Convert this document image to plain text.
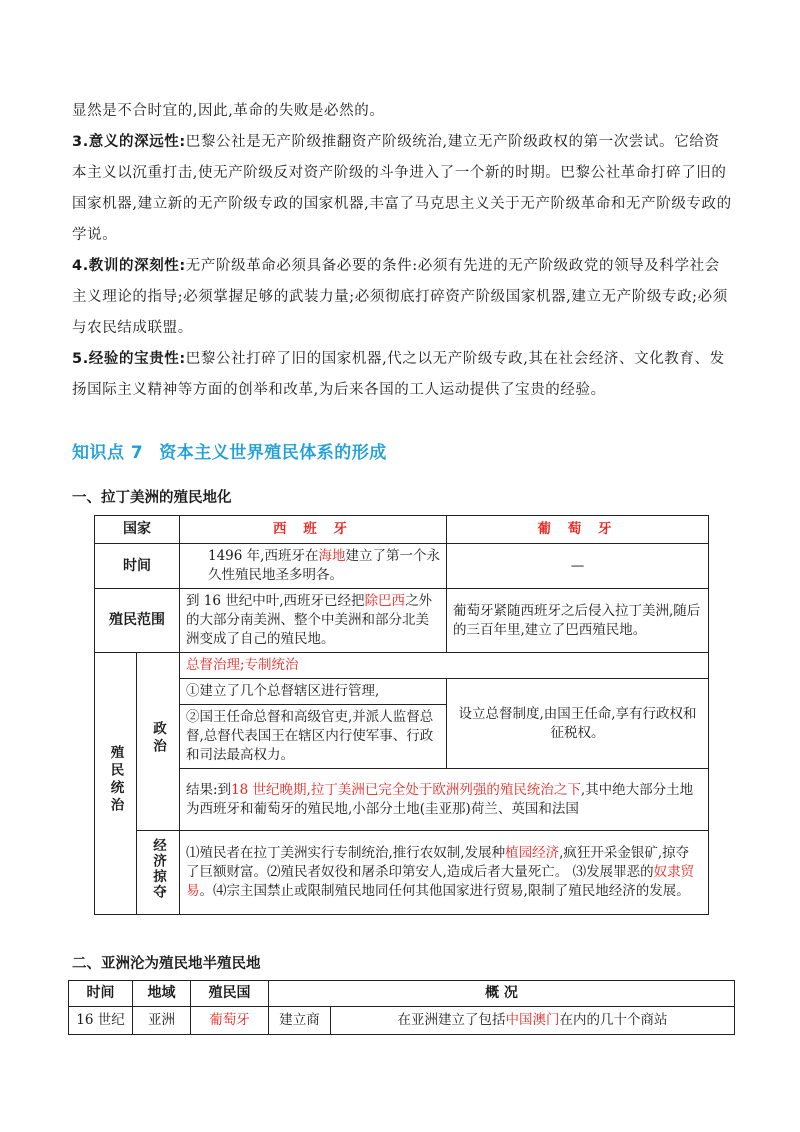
显然是不合时宜的,因此,革命的失败是必然的。
3.意义的深远性:巴黎公社是无产阶级推翻资产阶级统治,建立无产阶级政权的第一次尝试。它给资本主义以沉重打击,使无产阶级反对资产阶级的斗争进入了一个新的时期。巴黎公社革命打碎了旧的国家机器,建立新的无产阶级专政的国家机器,丰富了马克思主义关于无产阶级革命和无产阶级专政的学说。
4.教训的深刻性:无产阶级革命必须具备必要的条件:必须有先进的无产阶级政党的领导及科学社会主义理论的指导;必须掌握足够的武装力量;必须彻底打碎资产阶级国家机器,建立无产阶级专政;必须与农民结成联盟。
5.经验的宝贵性:巴黎公社打碎了旧的国家机器,代之以无产阶级专政,其在社会经济、文化教育、发扬国际主义精神等方面的创举和改革,为后来各国的工人运动提供了宝贵的经验。
知识点 7 资本主义世界殖民体系的形成
一、拉丁美洲的殖民地化
国家		西 班 牙	葡 萄 牙
时间		1496 年,西班牙在海地建立了第一个永久性殖民地圣多明各。	—
殖民范围		到 16 世纪中叶,西班牙已经把除巴西之外的大部分南美洲、整个中美洲和部分北美洲变成了自己的殖民地。	葡萄牙紧随西班牙之后侵入拉丁美洲,随后的三百年里,建立了巴西殖民地。
殖民统治	政治	总督治理;专制统治	
		①建立了几个总督辖区进行管理,	设立总督制度,由国王任命,享有行政权和征税权。
		②国王任命总督和高级官吏,并派人监督总督,总督代表国王在辖区内行使军事、行政和司法最高权力。	
		结果:到18 世纪晚期,拉丁美洲已完全处于欧洲列强的殖民统治之下,其中绝大部分土地为西班牙和葡萄牙的殖民地,小部分土地(圭亚那)荷兰、英国和法国	
	经济掠夺	⑴殖民者在拉丁美洲实行专制统治,推行农奴制,发展种植园经济,疯狂开采金银矿,掠夺了巨额财富。⑵殖民者奴役和屠杀印第安人,造成后者大量死亡。 ⑶发展罪恶的奴隶贸易。⑷宗主国禁止或限制殖民地同任何其他国家进行贸易,限制了殖民地经济的发展。	
二、亚洲沦为殖民地半殖民地
时间	地域	殖民国	概 况	
16 世纪	亚洲	葡萄牙	建立商	在亚洲建立了包括中国澳门在内的几十个商站
